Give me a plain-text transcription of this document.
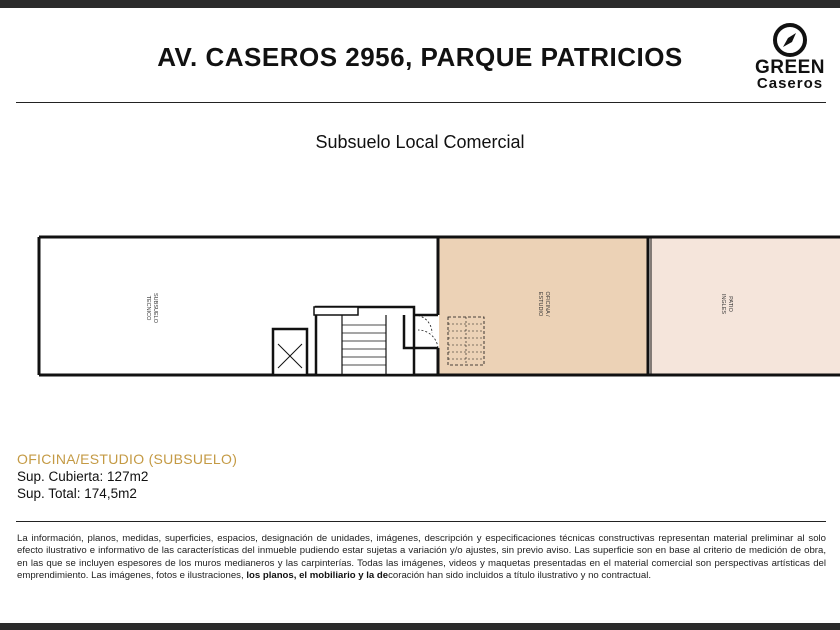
AV. CASEROS 2956, PARQUE PATRICIOS	GREEN
Caseros
Subsuelo Local Comercial
SUBSUELO
TECNICO	OFICINA /
ESTUDIO	PATIO
INGLES
OFICINA/ESTUDIO (SUBSUELO)
Sup. Cubierta: 127m2
Sup. Total: 174,5m2
La información, planos, medidas, superficies, espacios, designación de unidades, imágenes, descripción y especificaciones técnicas constructivas representan material preliminar al solo efecto ilustrativo e informativo de las características del inmueble pudiendo estar sujetas a variación y/o ajustes, sin previo aviso. Las superficie son en base al criterio de medición de obra, en las que se incluyen espesores de los muros medianeros y las carpinterías. Todas las imágenes, videos y maquetas presentadas en el material comercial son perspectivas artísticas del emprendimiento. Las imágenes, fotos e ilustraciones, los planos, el mobiliario y la decoración han sido incluidos a título ilustrativo y no contractual.
